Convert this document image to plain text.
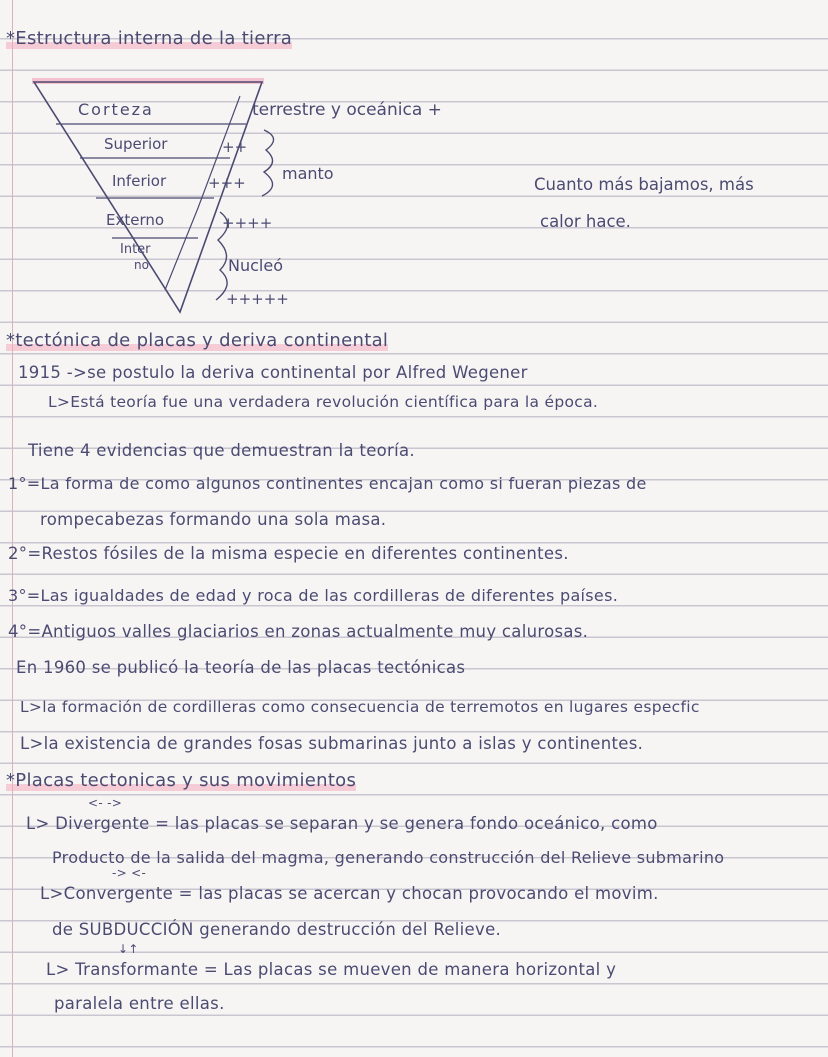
*Estructura interna de la tierra
Corteza
Superior
Inferior
Externo
Inter
no
terrestre y oceánica +
++
+++ manto
++++
Nucleó
+++++
Cuanto más bajamos, más
calor hace.
*tectónica de placas y deriva continental
1915 ->se postulo la deriva continental por Alfred Wegener
L>Está teoría fue una verdadera revolución científica para la época.
Tiene 4 evidencias que demuestran la teoría.
1°=La forma de como algunos continentes encajan como si fueran piezas de
rompecabezas formando una sola masa.
2°=Restos fósiles de la misma especie en diferentes continentes.
3°=Las igualdades de edad y roca de las cordilleras de diferentes países.
4°=Antiguos valles glaciarios en zonas actualmente muy calurosas.
En 1960 se publicó la teoría de las placas tectónicas
L>la formación de cordilleras como consecuencia de terremotos en lugares especfic
L>la existencia de grandes fosas submarinas junto a islas y continentes.
*Placas tectonicas y sus movimientos
<- ->
L> Divergente = las placas se separan y se genera fondo oceánico, como
Producto de la salida del magma, generando construcción del Relieve submarino
-> <-
L>Convergente = las placas se acercan y chocan provocando el movim.
de SUBDUCCIÓN generando destrucción del Relieve.
↓↑
L> Transformante = Las placas se mueven de manera horizontal y
paralela entre ellas.
